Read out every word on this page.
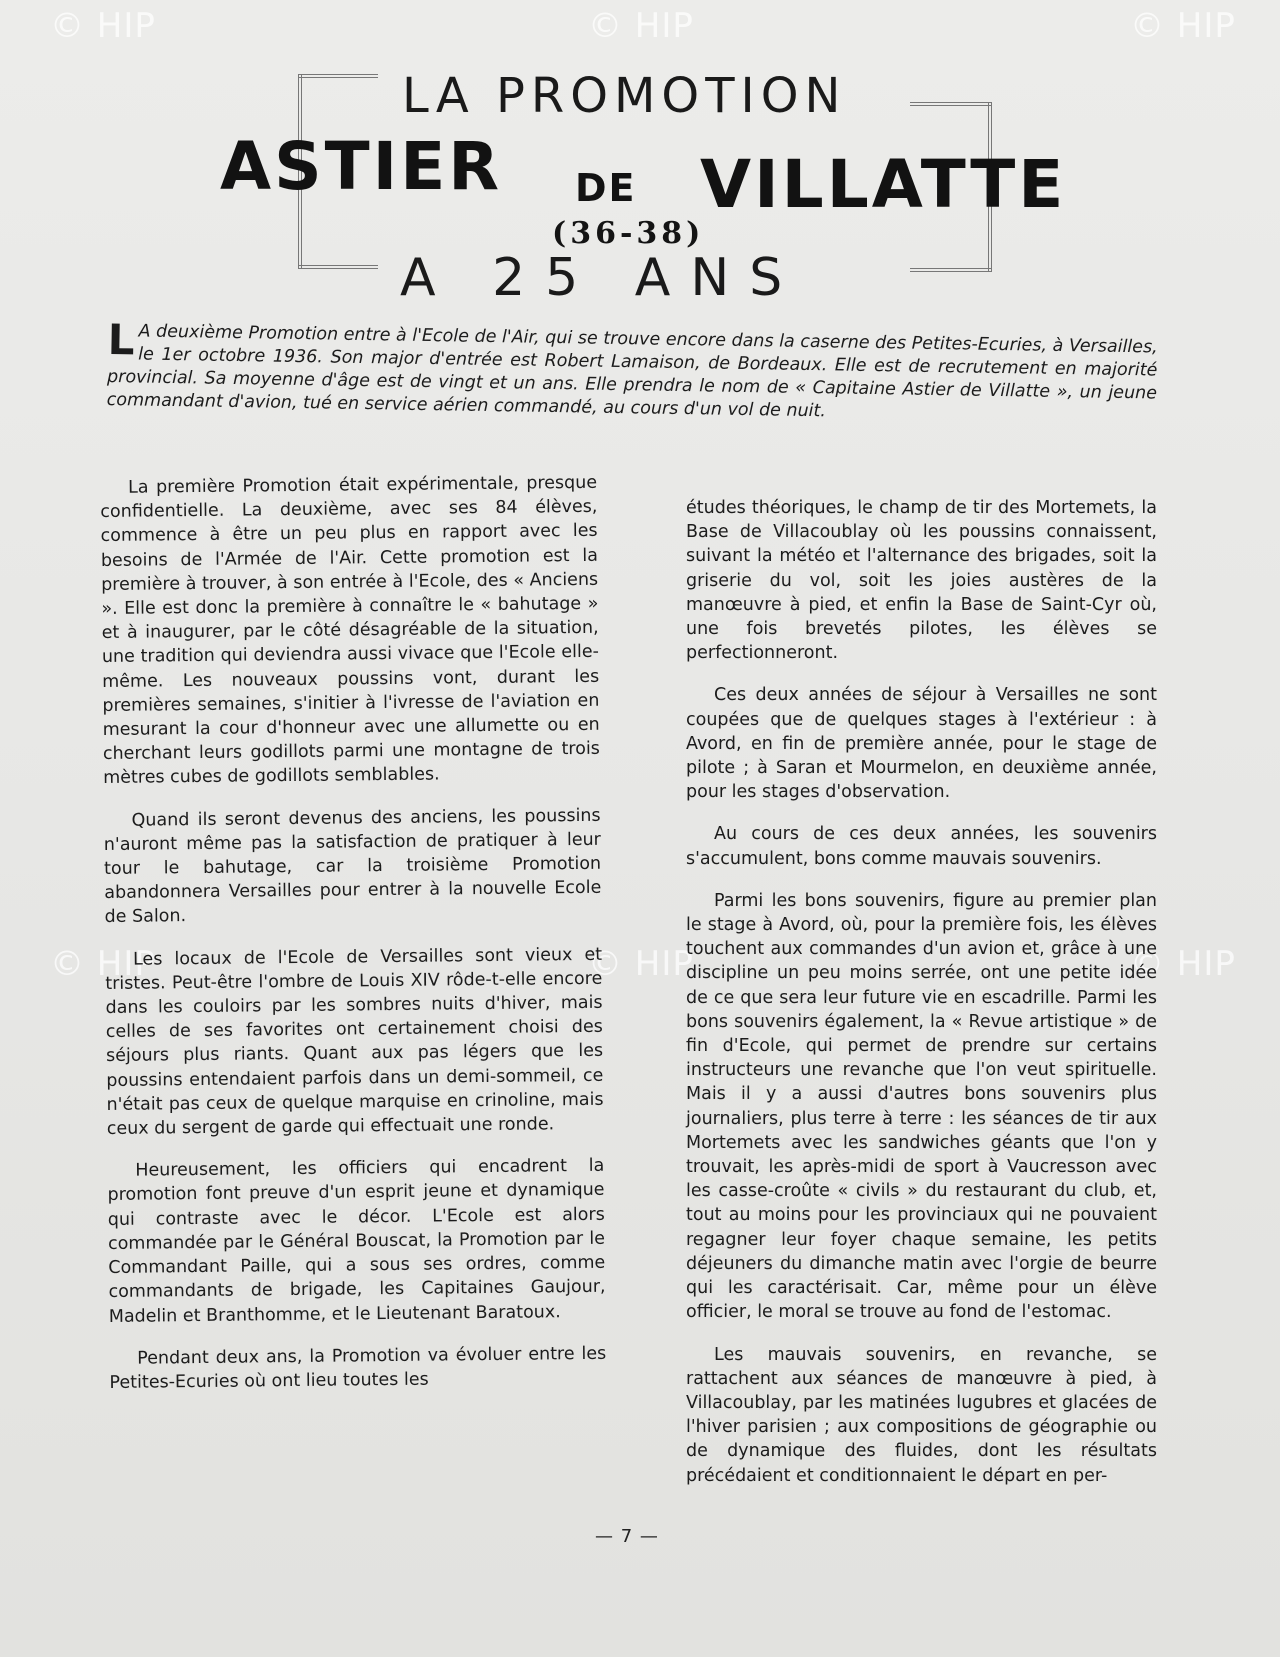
© HIP	© HIP	© HIP
© HIP	© HIP	© HIP
LA PROMOTION
ASTIER DE VILLATTE
(36-38)
A 25 ANS
L A deuxième Promotion entre à l'Ecole de l'Air, qui se trouve encore dans la caserne des Petites-Ecuries, à Versailles, le 1er octobre 1936. Son major d'entrée est Robert Lamaison, de Bordeaux. Elle est de recrutement en majorité provincial. Sa moyenne d'âge est de vingt et un ans. Elle prendra le nom de « Capitaine Astier de Villatte », un jeune commandant d'avion, tué en service aérien commandé, au cours d'un vol de nuit.

La première Promotion était expérimentale, presque confidentielle. La deuxième, avec ses 84 élèves, commence à être un peu plus en rapport avec les besoins de l'Armée de l'Air. Cette promotion est la première à trouver, à son entrée à l'Ecole, des « Anciens ». Elle est donc la première à connaître le « bahutage » et à inaugurer, par le côté désagréable de la situation, une tradition qui deviendra aussi vivace que l'Ecole elle-même. Les nouveaux poussins vont, durant les premières semaines, s'initier à l'ivresse de l'aviation en mesurant la cour d'honneur avec une allumette ou en cherchant leurs godillots parmi une montagne de trois mètres cubes de godillots semblables.

Quand ils seront devenus des anciens, les poussins n'auront même pas la satisfaction de pratiquer à leur tour le bahutage, car la troisième Promotion abandonnera Versailles pour entrer à la nouvelle Ecole de Salon.

Les locaux de l'Ecole de Versailles sont vieux et tristes. Peut-être l'ombre de Louis XIV rôde-t-elle encore dans les couloirs par les sombres nuits d'hiver, mais celles de ses favorites ont certainement choisi des séjours plus riants. Quant aux pas légers que les poussins entendaient parfois dans un demi-sommeil, ce n'était pas ceux de quelque marquise en crinoline, mais ceux du sergent de garde qui effectuait une ronde.

Heureusement, les officiers qui encadrent la promotion font preuve d'un esprit jeune et dynamique qui contraste avec le décor. L'Ecole est alors commandée par le Général Bouscat, la Promotion par le Commandant Paille, qui a sous ses ordres, comme commandants de brigade, les Capitaines Gaujour, Madelin et Branthomme, et le Lieutenant Baratoux.

Pendant deux ans, la Promotion va évoluer entre les Petites-Ecuries où ont lieu toutes les

études théoriques, le champ de tir des Mortemets, la Base de Villacoublay où les poussins connaissent, suivant la météo et l'alternance des brigades, soit la griserie du vol, soit les joies austères de la manœuvre à pied, et enfin la Base de Saint-Cyr où, une fois brevetés pilotes, les élèves se perfectionneront.

Ces deux années de séjour à Versailles ne sont coupées que de quelques stages à l'extérieur : à Avord, en fin de première année, pour le stage de pilote ; à Saran et Mourmelon, en deuxième année, pour les stages d'observation.

Au cours de ces deux années, les souvenirs s'accumulent, bons comme mauvais souvenirs.

Parmi les bons souvenirs, figure au premier plan le stage à Avord, où, pour la première fois, les élèves touchent aux commandes d'un avion et, grâce à une discipline un peu moins serrée, ont une petite idée de ce que sera leur future vie en escadrille. Parmi les bons souvenirs également, la « Revue artistique » de fin d'Ecole, qui permet de prendre sur certains instructeurs une revanche que l'on veut spirituelle. Mais il y a aussi d'autres bons souvenirs plus journaliers, plus terre à terre : les séances de tir aux Mortemets avec les sandwiches géants que l'on y trouvait, les après-midi de sport à Vaucresson avec les casse-croûte « civils » du restaurant du club, et, tout au moins pour les provinciaux qui ne pouvaient regagner leur foyer chaque semaine, les petits déjeuners du dimanche matin avec l'orgie de beurre qui les caractérisait. Car, même pour un élève officier, le moral se trouve au fond de l'estomac.

Les mauvais souvenirs, en revanche, se rattachent aux séances de manœuvre à pied, à Villacoublay, par les matinées lugubres et glacées de l'hiver parisien ; aux compositions de géographie ou de dynamique des fluides, dont les résultats précédaient et conditionnaient le départ en per-

— 7 —
